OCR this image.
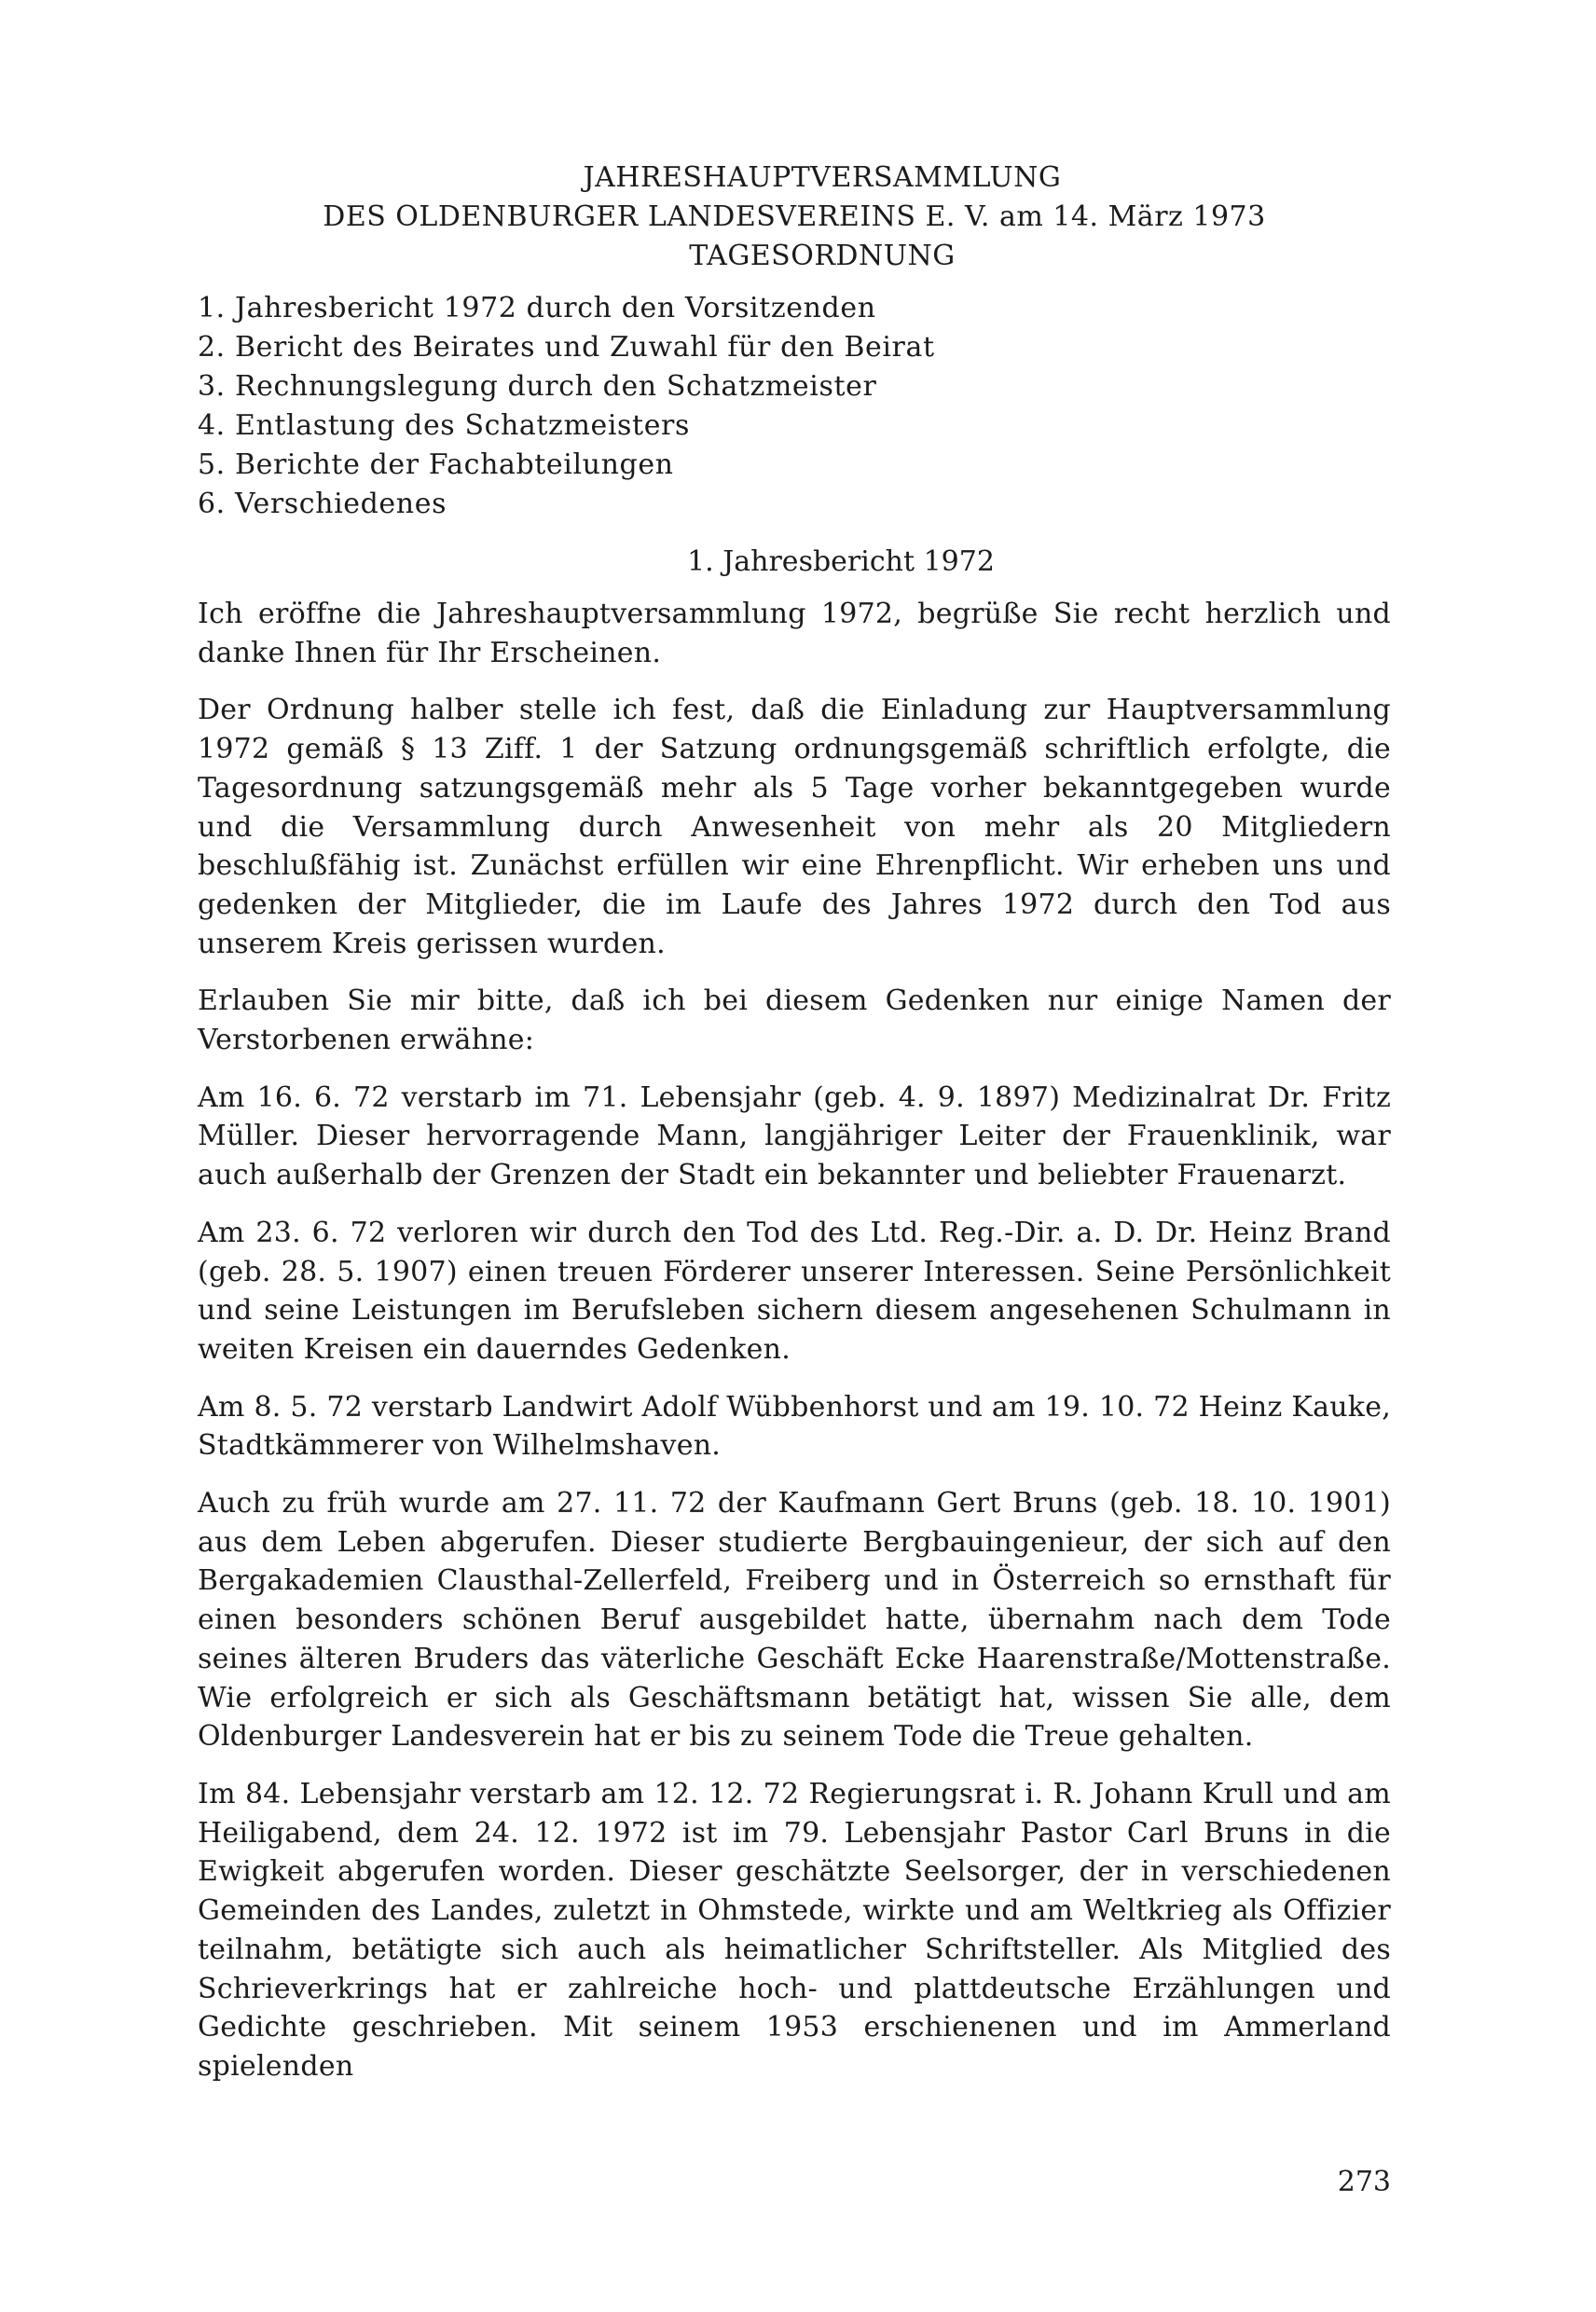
JAHRESHAUPTVERSAMMLUNG
DES OLDENBURGER LANDESVEREINS E. V. am 14. März 1973
TAGESORDNUNG
1. Jahresbericht 1972 durch den Vorsitzenden
2. Bericht des Beirates und Zuwahl für den Beirat
3. Rechnungslegung durch den Schatzmeister
4. Entlastung des Schatzmeisters
5. Berichte der Fachabteilungen
6. Verschiedenes
1. Jahresbericht 1972

Ich eröffne die Jahreshauptversammlung 1972, begrüße Sie recht herzlich und danke Ihnen für Ihr Erscheinen.

Der Ordnung halber stelle ich fest, daß die Einladung zur Hauptversammlung 1972 gemäß § 13 Ziff. 1 der Satzung ordnungsgemäß schriftlich erfolgte, die Tagesordnung satzungsgemäß mehr als 5 Tage vorher bekanntgegeben wurde und die Versammlung durch Anwesenheit von mehr als 20 Mitgliedern beschlußfähig ist. Zunächst erfüllen wir eine Ehrenpflicht. Wir erheben uns und gedenken der Mitglieder, die im Laufe des Jahres 1972 durch den Tod aus unserem Kreis gerissen wurden.

Erlauben Sie mir bitte, daß ich bei diesem Gedenken nur einige Namen der Verstorbenen erwähne:

Am 16. 6. 72 verstarb im 71. Lebensjahr (geb. 4. 9. 1897) Medizinalrat Dr. Fritz Müller. Dieser hervorragende Mann, langjähriger Leiter der Frauenklinik, war auch außerhalb der Grenzen der Stadt ein bekannter und beliebter Frauenarzt.

Am 23. 6. 72 verloren wir durch den Tod des Ltd. Reg.-Dir. a. D. Dr. Heinz Brand (geb. 28. 5. 1907) einen treuen Förderer unserer Interessen. Seine Persönlichkeit und seine Leistungen im Berufsleben sichern diesem angesehenen Schulmann in weiten Kreisen ein dauerndes Gedenken.

Am 8. 5. 72 verstarb Landwirt Adolf Wübbenhorst und am 19. 10. 72 Heinz Kauke, Stadtkämmerer von Wilhelmshaven.

Auch zu früh wurde am 27. 11. 72 der Kaufmann Gert Bruns (geb. 18. 10. 1901) aus dem Leben abgerufen. Dieser studierte Bergbauingenieur, der sich auf den Bergakademien Clausthal-Zellerfeld, Freiberg und in Österreich so ernsthaft für einen besonders schönen Beruf ausgebildet hatte, übernahm nach dem Tode seines älteren Bruders das väterliche Geschäft Ecke Haarenstraße/Mottenstraße. Wie erfolgreich er sich als Geschäftsmann betätigt hat, wissen Sie alle, dem Oldenburger Landesverein hat er bis zu seinem Tode die Treue gehalten.

Im 84. Lebensjahr verstarb am 12. 12. 72 Regierungsrat i. R. Johann Krull und am Heiligabend, dem 24. 12. 1972 ist im 79. Lebensjahr Pastor Carl Bruns in die Ewigkeit abgerufen worden. Dieser geschätzte Seelsorger, der in verschiedenen Gemeinden des Landes, zuletzt in Ohmstede, wirkte und am Weltkrieg als Offizier teilnahm, betätigte sich auch als heimatlicher Schriftsteller. Als Mitglied des Schrieverkrings hat er zahlreiche hoch- und plattdeutsche Erzählungen und Gedichte geschrieben. Mit seinem 1953 erschienenen und im Ammerland spielenden

273
